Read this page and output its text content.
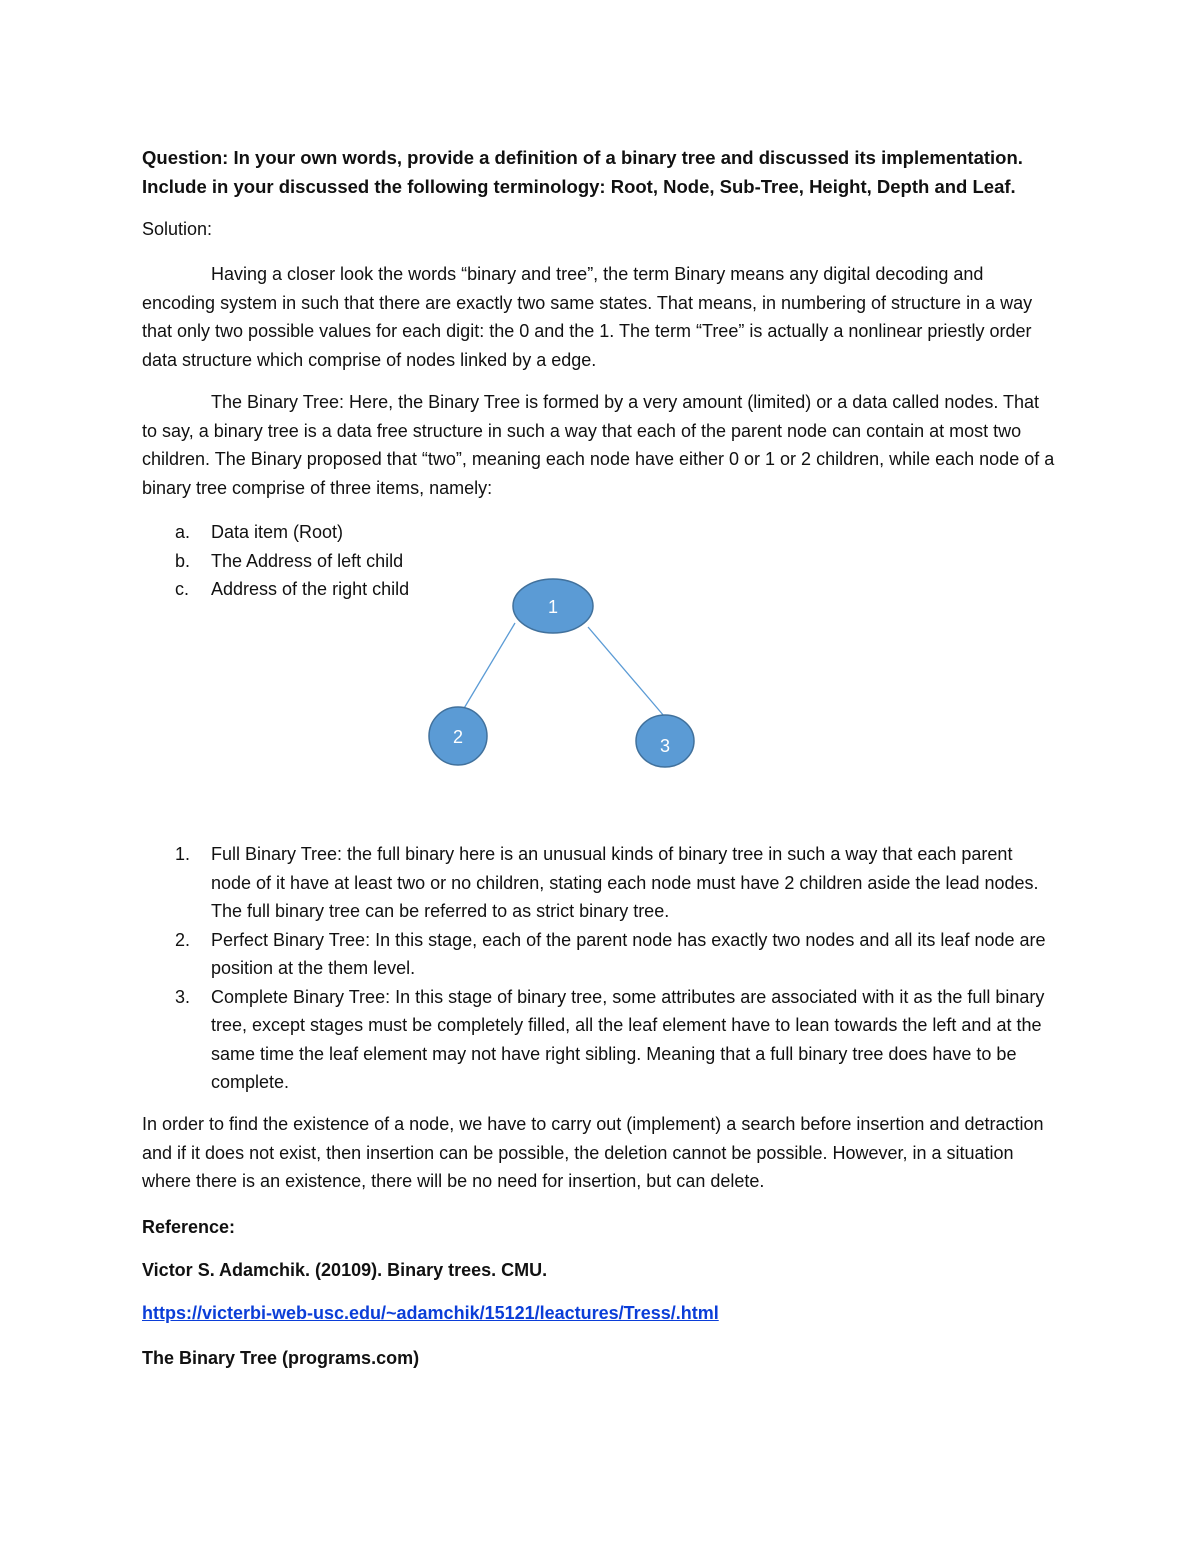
Question: In your own words, provide a definition of a binary tree and discussed its implementation. Include in your discussed the following terminology: Root, Node, Sub-Tree, Height, Depth and Leaf.

Solution:

Having a closer look the words “binary and tree”, the term Binary means any digital decoding and encoding system in such that there are exactly two same states. That means, in numbering of structure in a way that only two possible values for each digit: the 0 and the 1. The term “Tree” is actually a nonlinear priestly order data structure which comprise of nodes linked by a edge.

The Binary Tree: Here, the Binary Tree is formed by a very amount (limited) or a data called nodes. That to say, a binary tree is a data free structure in such a way that each of the parent node can contain at most two children. The Binary proposed that “two”, meaning each node have either 0 or 1 or 2 children, while each node of a binary tree comprise of three items, namely:

a. Data item (Root)
b. The Address of left child
c. Address of the right child
1
2	3
1. Full Binary Tree: the full binary here is an unusual kinds of binary tree in such a way that each parent node of it have at least two or no children, stating each node must have 2 children aside the lead nodes. The full binary tree can be referred to as strict binary tree.
2. Perfect Binary Tree: In this stage, each of the parent node has exactly two nodes and all its leaf node are position at the them level.
3. Complete Binary Tree: In this stage of binary tree, some attributes are associated with it as the full binary tree, except stages must be completely filled, all the leaf element have to lean towards the left and at the same time the leaf element may not have right sibling. Meaning that a full binary tree does have to be complete.

In order to find the existence of a node, we have to carry out (implement) a search before insertion and detraction and if it does not exist, then insertion can be possible, the deletion cannot be possible. However, in a situation where there is an existence, there will be no need for insertion, but can delete.

Reference:

Victor S. Adamchik. (20109). Binary trees. CMU.

https://victerbi-web-usc.edu/~adamchik/15121/leactures/Tress/.html

The Binary Tree (programs.com)
